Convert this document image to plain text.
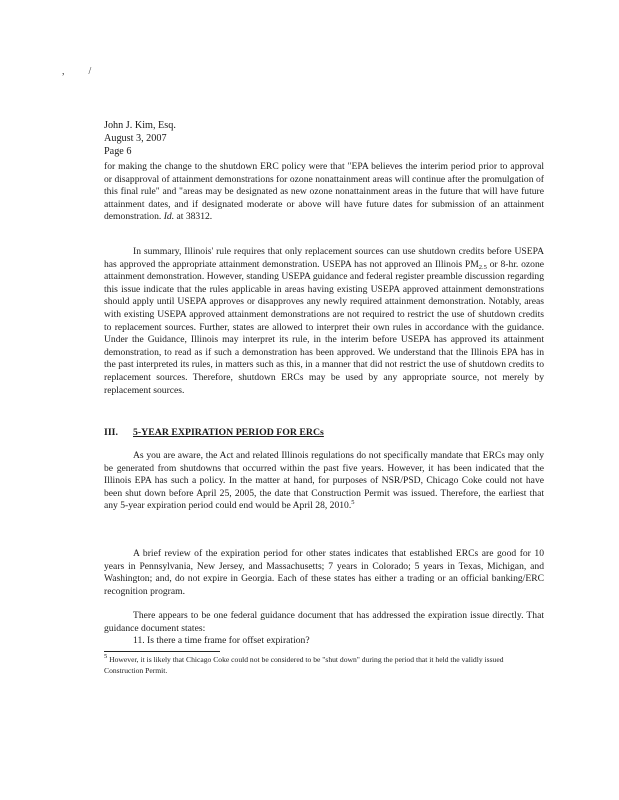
,/
John J. Kim, Esq.
August 3, 2007
Page 6
for making the change to the shutdown ERC policy were that "EPA believes the interim period prior to approval or disapproval of attainment demonstrations for ozone nonattainment areas will continue after the promulgation of this final rule" and "areas may be designated as new ozone nonattainment areas in the future that will have future attainment dates, and if designated moderate or above will have future dates for submission of an attainment demonstration. Id. at 38312.
In summary, Illinois' rule requires that only replacement sources can use shutdown credits before USEPA has approved the appropriate attainment demonstration. USEPA has not approved an Illinois $PM_{2.5}$ or 8-hr. ozone attainment demonstration. However, standing USEPA guidance and federal register preamble discussion regarding this issue indicate that the rules applicable in areas having existing USEPA approved attainment demonstrations should apply until USEPA approves or disapproves any newly required attainment demonstration. Notably, areas with existing USEPA approved attainment demonstrations are not required to restrict the use of shutdown credits to replacement sources. Further, states are allowed to interpret their own rules in accordance with the guidance. Under the Guidance, Illinois may interpret its rule, in the interim before USEPA has approved its attainment demonstration, to read as if such a demonstration has been approved. We understand that the Illinois EPA has in the past interpreted its rules, in matters such as this, in a manner that did not restrict the use of shutdown credits to replacement sources. Therefore, shutdown ERCs may be used by any appropriate source, not merely by replacement sources.
III. 5-YEAR EXPIRATION PERIOD FOR ERCs
As you are aware, the Act and related Illinois regulations do not specifically mandate that ERCs may only be generated from shutdowns that occurred within the past five years. However, it has been indicated that the Illinois EPA has such a policy. In the matter at hand, for purposes of NSR/PSD, Chicago Coke could not have been shut down before April 25, 2005, the date that Construction Permit was issued. Therefore, the earliest that any 5-year expiration period could end would be April 28, 2010.$^5$
A brief review of the expiration period for other states indicates that established ERCs are good for 10 years in Pennsylvania, New Jersey, and Massachusetts; 7 years in Colorado; 5 years in Texas, Michigan, and Washington; and, do not expire in Georgia. Each of these states has either a trading or an official banking/ERC recognition program.
There appears to be one federal guidance document that has addressed the expiration issue directly. That guidance document states:
11. Is there a time frame for offset expiration?
$^5$ However, it is likely that Chicago Coke could not be considered to be "shut down" during the period that it held the validly issued Construction Permit.
